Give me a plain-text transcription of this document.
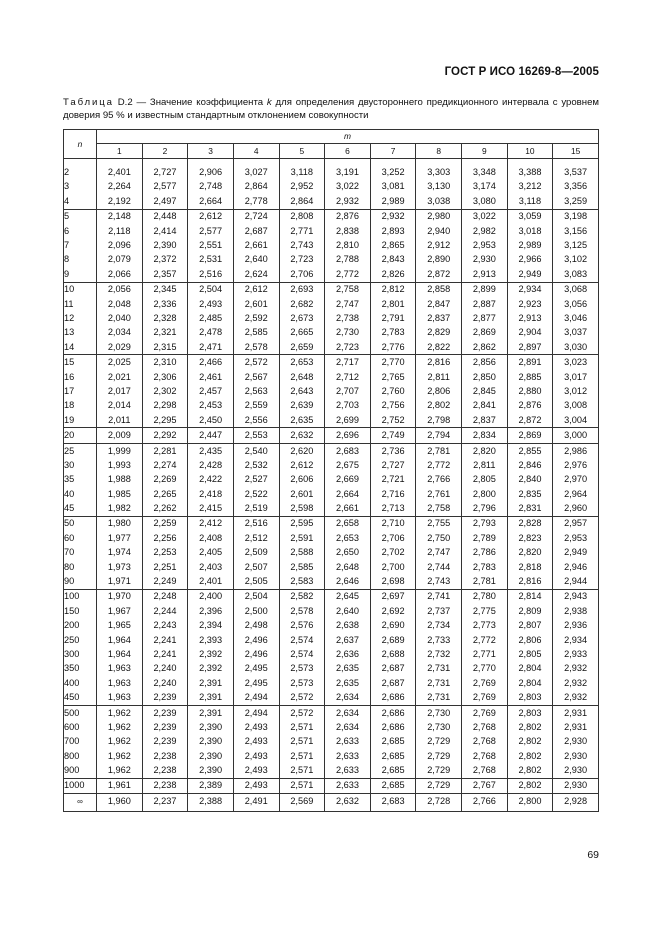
ГОСТ Р ИСО 16269-8—2005
Таблица D.2 — Значение коэффициента k для определения двустороннего предикционного интервала с уровнем доверия 95 % и известным стандартным отклонением совокупности
n	m										
	1	2	3	4	5	6	7	8	9	10	15
2	2,401	2,727	2,906	3,027	3,118	3,191	3,252	3,303	3,348	3,388	3,537
3	2,264	2,577	2,748	2,864	2,952	3,022	3,081	3,130	3,174	3,212	3,356
4	2,192	2,497	2,664	2,778	2,864	2,932	2,989	3,038	3,080	3,118	3,259
5	2,148	2,448	2,612	2,724	2,808	2,876	2,932	2,980	3,022	3,059	3,198
6	2,118	2,414	2,577	2,687	2,771	2,838	2,893	2,940	2,982	3,018	3,156
7	2,096	2,390	2,551	2,661	2,743	2,810	2,865	2,912	2,953	2,989	3,125
8	2,079	2,372	2,531	2,640	2,723	2,788	2,843	2,890	2,930	2,966	3,102
9	2,066	2,357	2,516	2,624	2,706	2,772	2,826	2,872	2,913	2,949	3,083
10	2,056	2,345	2,504	2,612	2,693	2,758	2,812	2,858	2,899	2,934	3,068
11	2,048	2,336	2,493	2,601	2,682	2,747	2,801	2,847	2,887	2,923	3,056
12	2,040	2,328	2,485	2,592	2,673	2,738	2,791	2,837	2,877	2,913	3,046
13	2,034	2,321	2,478	2,585	2,665	2,730	2,783	2,829	2,869	2,904	3,037
14	2,029	2,315	2,471	2,578	2,659	2,723	2,776	2,822	2,862	2,897	3,030
15	2,025	2,310	2,466	2,572	2,653	2,717	2,770	2,816	2,856	2,891	3,023
16	2,021	2,306	2,461	2,567	2,648	2,712	2,765	2,811	2,850	2,885	3,017
17	2,017	2,302	2,457	2,563	2,643	2,707	2,760	2,806	2,845	2,880	3,012
18	2,014	2,298	2,453	2,559	2,639	2,703	2,756	2,802	2,841	2,876	3,008
19	2,011	2,295	2,450	2,556	2,635	2,699	2,752	2,798	2,837	2,872	3,004
20	2,009	2,292	2,447	2,553	2,632	2,696	2,749	2,794	2,834	2,869	3,000
25	1,999	2,281	2,435	2,540	2,620	2,683	2,736	2,781	2,820	2,855	2,986
30	1,993	2,274	2,428	2,532	2,612	2,675	2,727	2,772	2,811	2,846	2,976
35	1,988	2,269	2,422	2,527	2,606	2,669	2,721	2,766	2,805	2,840	2,970
40	1,985	2,265	2,418	2,522	2,601	2,664	2,716	2,761	2,800	2,835	2,964
45	1,982	2,262	2,415	2,519	2,598	2,661	2,713	2,758	2,796	2,831	2,960
50	1,980	2,259	2,412	2,516	2,595	2,658	2,710	2,755	2,793	2,828	2,957
60	1,977	2,256	2,408	2,512	2,591	2,653	2,706	2,750	2,789	2,823	2,953
70	1,974	2,253	2,405	2,509	2,588	2,650	2,702	2,747	2,786	2,820	2,949
80	1,973	2,251	2,403	2,507	2,585	2,648	2,700	2,744	2,783	2,818	2,946
90	1,971	2,249	2,401	2,505	2,583	2,646	2,698	2,743	2,781	2,816	2,944
100	1,970	2,248	2,400	2,504	2,582	2,645	2,697	2,741	2,780	2,814	2,943
150	1,967	2,244	2,396	2,500	2,578	2,640	2,692	2,737	2,775	2,809	2,938
200	1,965	2,243	2,394	2,498	2,576	2,638	2,690	2,734	2,773	2,807	2,936
250	1,964	2,241	2,393	2,496	2,574	2,637	2,689	2,733	2,772	2,806	2,934
300	1,964	2,241	2,392	2,496	2,574	2,636	2,688	2,732	2,771	2,805	2,933
350	1,963	2,240	2,392	2,495	2,573	2,635	2,687	2,731	2,770	2,804	2,932
400	1,963	2,240	2,391	2,495	2,573	2,635	2,687	2,731	2,769	2,804	2,932
450	1,963	2,239	2,391	2,494	2,572	2,634	2,686	2,731	2,769	2,803	2,932
500	1,962	2,239	2,391	2,494	2,572	2,634	2,686	2,730	2,769	2,803	2,931
600	1,962	2,239	2,390	2,493	2,571	2,634	2,686	2,730	2,768	2,802	2,931
700	1,962	2,239	2,390	2,493	2,571	2,633	2,685	2,729	2,768	2,802	2,930
800	1,962	2,238	2,390	2,493	2,571	2,633	2,685	2,729	2,768	2,802	2,930
900	1,962	2,238	2,390	2,493	2,571	2,633	2,685	2,729	2,768	2,802	2,930
1000	1,961	2,238	2,389	2,493	2,571	2,633	2,685	2,729	2,767	2,802	2,930
∞	1,960	2,237	2,388	2,491	2,569	2,632	2,683	2,728	2,766	2,800	2,928
69
